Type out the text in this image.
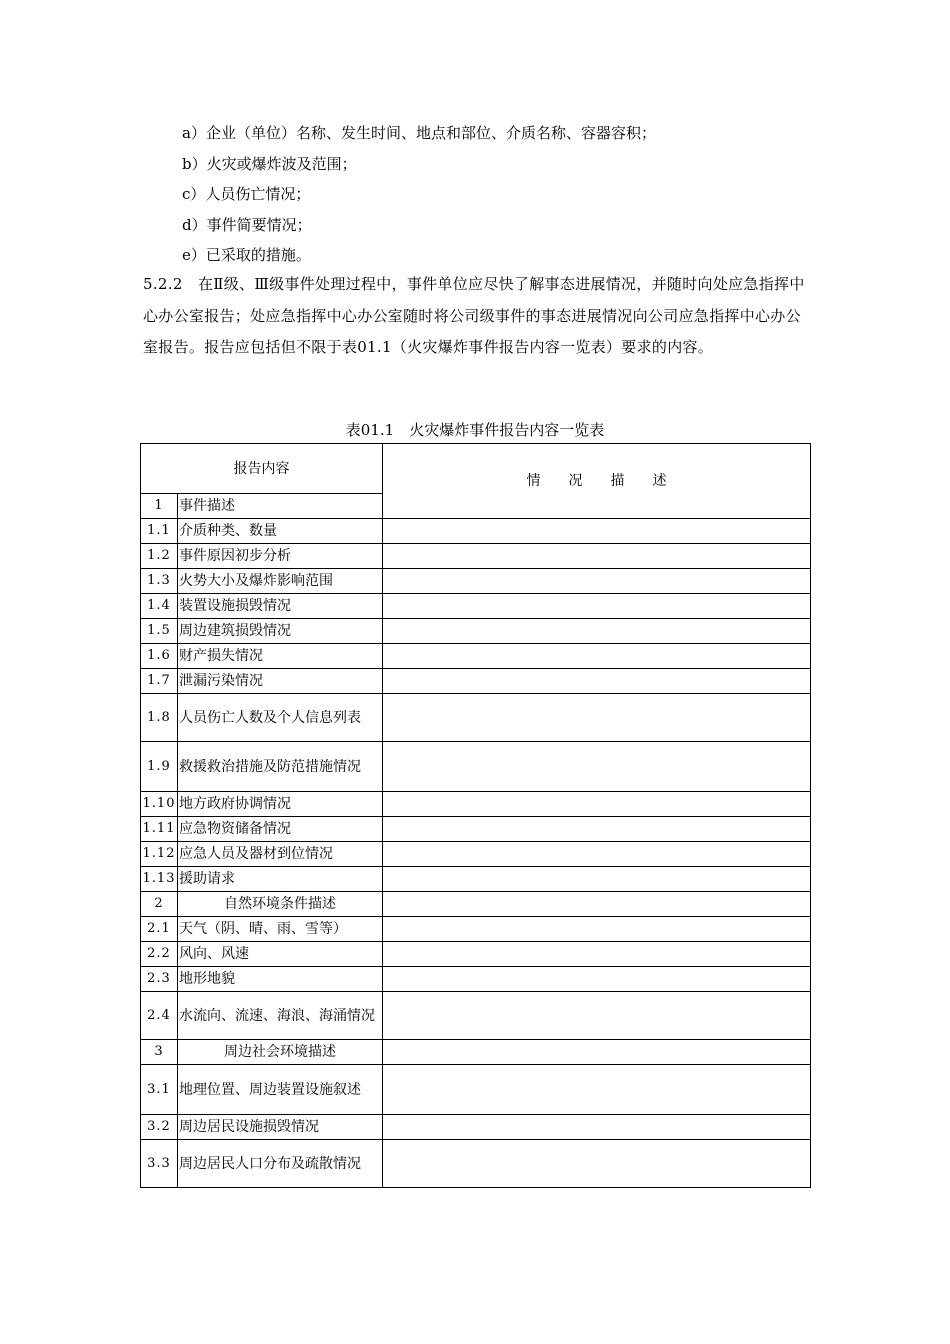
a）企业（单位）名称、发生时间、地点和部位、介质名称、容器容积；
b）火灾或爆炸波及范围；
c）人员伤亡情况；
d）事件简要情况；
e）已采取的措施。

5.2.2　在Ⅱ级、Ⅲ级事件处理过程中，事件单位应尽快了解事态进展情况，并随时向处应急指挥中心办公室报告；处应急指挥中心办公室随时将公司级事件的事态进展情况向公司应急指挥中心办公室报告。报告应包括但不限于表01.1（火灾爆炸事件报告内容一览表）要求的内容。

表01.1　火灾爆炸事件报告内容一览表
报告内容		情　　况　　描　　述
1	事件描述	
1.1	介质种类、数量	
1.2	事件原因初步分析	
1.3	火势大小及爆炸影响范围	
1.4	装置设施损毁情况	
1.5	周边建筑损毁情况	
1.6	财产损失情况	
1.7	泄漏污染情况	
1.8	人员伤亡人数及个人信息列表	
1.9	救援救治措施及防范措施情况	
1.10	地方政府协调情况	
1.11	应急物资储备情况	
1.12	应急人员及器材到位情况	
1.13	援助请求	
2	自然环境条件描述	
2.1	天气（阴、晴、雨、雪等）	
2.2	风向、风速	
2.3	地形地貌	
2.4	水流向、流速、海浪、海涌情况	
3	周边社会环境描述	
3.1	地理位置、周边装置设施叙述	
3.2	周边居民设施损毁情况	
3.3	周边居民人口分布及疏散情况	
